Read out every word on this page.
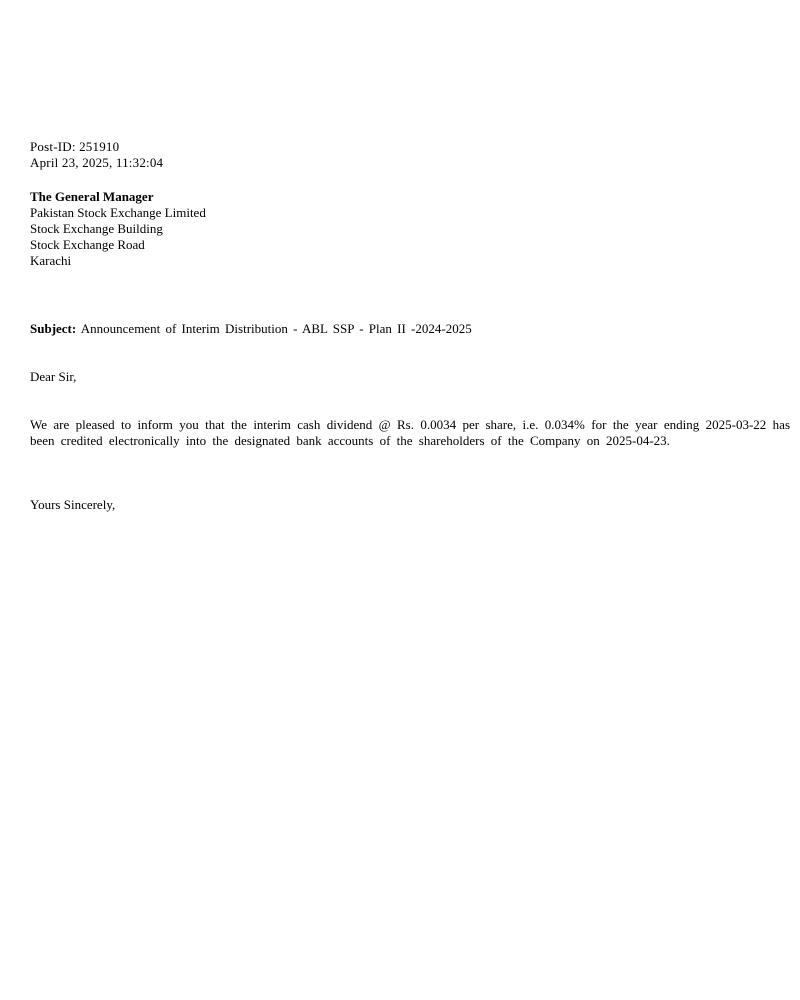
Post-ID: 251910
April 23, 2025, 11:32:04
The General Manager
Pakistan Stock Exchange Limited
Stock Exchange Building
Stock Exchange Road
Karachi
Subject: Announcement of Interim Distribution - ABL SSP - Plan II -2024-2025
Dear Sir,

We are pleased to inform you that the interim cash dividend @ Rs. 0.0034 per share, i.e. 0.034% for the year ending 2025-03-22 has been credited electronically into the designated bank accounts of the shareholders of the Company on 2025-04-23.

Yours Sincerely,
